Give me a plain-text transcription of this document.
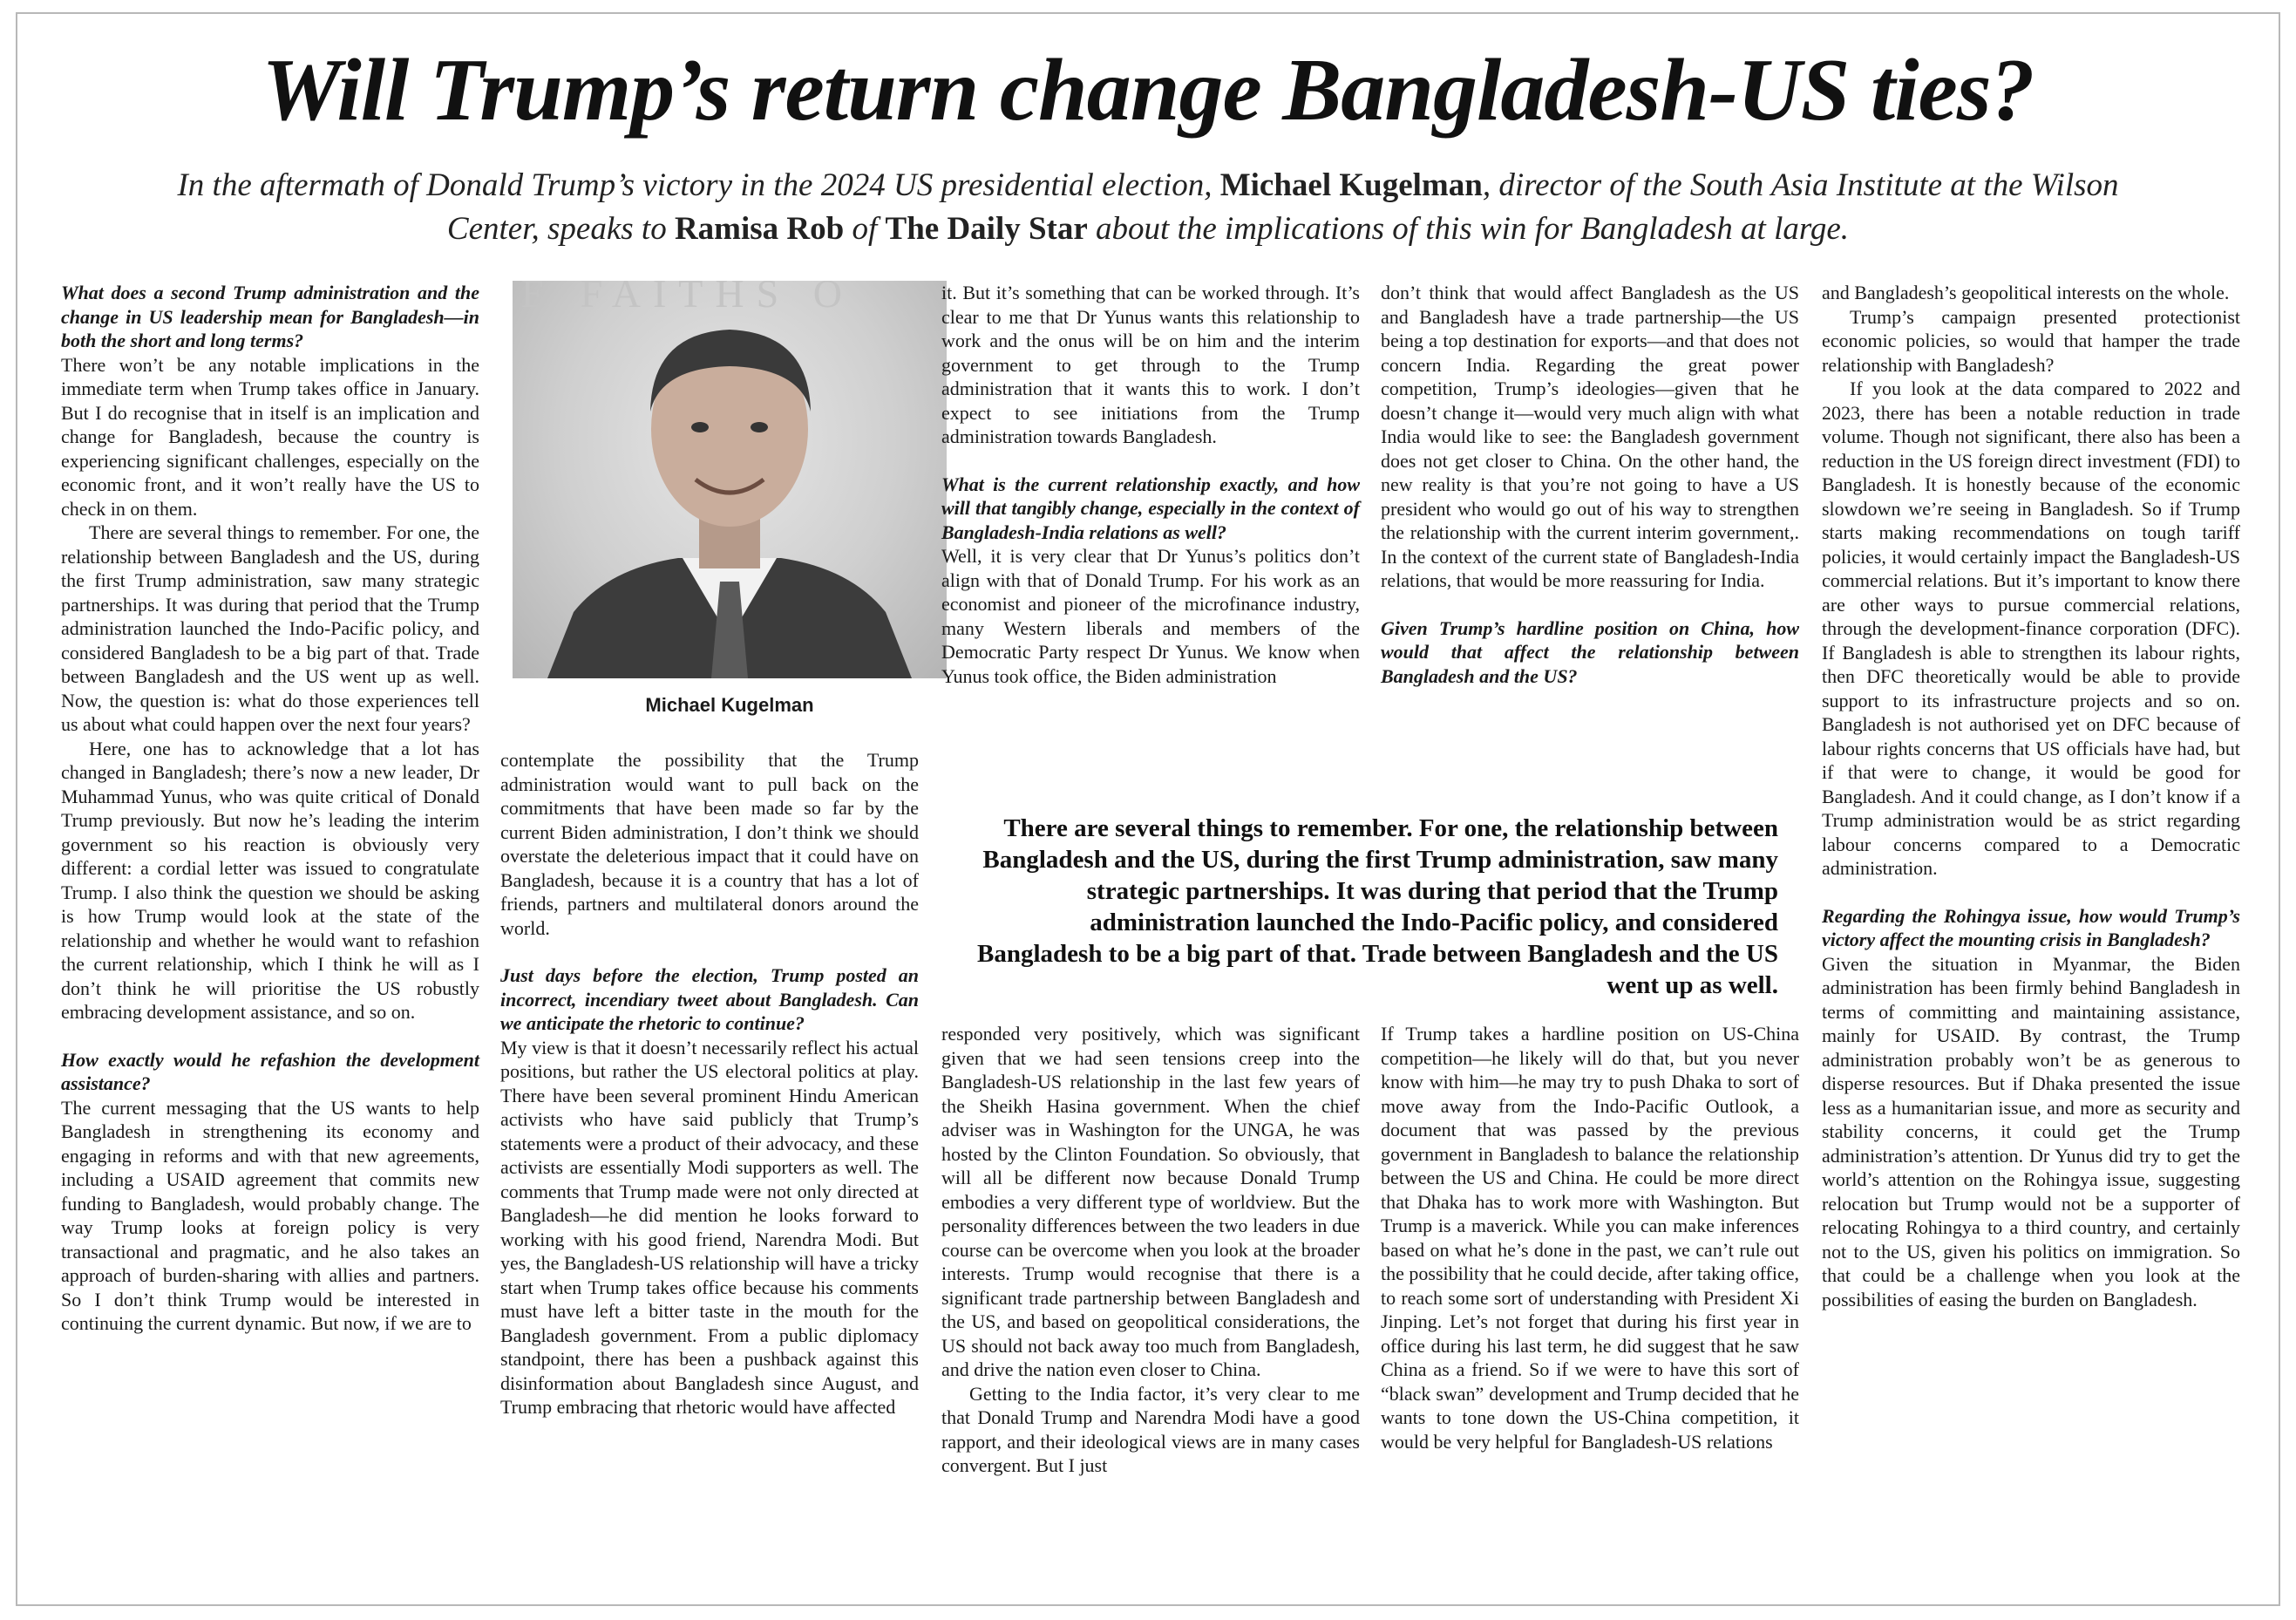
Will Trump’s return change Bangladesh-US ties?
In the aftermath of Donald Trump’s victory in the 2024 US presidential election, Michael Kugelman, director of the South Asia Institute at the Wilson Center, speaks to Ramisa Rob of The Daily Star about the implications of this win for Bangladesh at large.

What does a second Trump administration and the change in US leadership mean for Bangladesh—in both the short and long terms?

There won’t be any notable implications in the immediate term when Trump takes office in January. But I do recognise that in itself is an implication and change for Bangladesh, because the country is experiencing significant challenges, especially on the economic front, and it won’t really have the US to check in on them.

There are several things to remember. For one, the relationship between Bangladesh and the US, during the first Trump administration, saw many strategic partnerships. It was during that period that the Trump administration launched the Indo-Pacific policy, and considered Bangladesh to be a big part of that. Trade between Bangladesh and the US went up as well. Now, the question is: what do those experiences tell us about what could happen over the next four years?

Here, one has to acknowledge that a lot has changed in Bangladesh; there’s now a new leader, Dr Muhammad Yunus, who was quite critical of Donald Trump previously. But now he’s leading the interim government so his reaction is obviously very different: a cordial letter was issued to congratulate Trump. I also think the question we should be asking is how Trump would look at the state of the relationship and whether he would want to refashion the current relationship, which I think he will as I don’t think he will prioritise the US robustly embracing development assistance, and so on.

How exactly would he refashion the development assistance?

The current messaging that the US wants to help Bangladesh in strengthening its economy and engaging in reforms and with that new agreements, including a USAID agreement that commits new funding to Bangladesh, would probably change. The way Trump looks at foreign policy is very transactional and pragmatic, and he also takes an approach of burden-sharing with allies and partners. So I don’t think Trump would be interested in continuing the current dynamic. But now, if we are to

E FAITHS O
Michael Kugelman

contemplate the possibility that the Trump administration would want to pull back on the commitments that have been made so far by the current Biden administration, I don’t think we should overstate the deleterious impact that it could have on Bangladesh, because it is a country that has a lot of friends, partners and multilateral donors around the world.

Just days before the election, Trump posted an incorrect, incendiary tweet about Bangladesh. Can we anticipate the rhetoric to continue?

My view is that it doesn’t necessarily reflect his actual positions, but rather the US electoral politics at play. There have been several prominent Hindu American activists who have said publicly that Trump’s statements were a product of their advocacy, and these activists are essentially Modi supporters as well. The comments that Trump made were not only directed at Bangladesh—he did mention he looks forward to working with his good friend, Narendra Modi. But yes, the Bangladesh-US relationship will have a tricky start when Trump takes office because his comments must have left a bitter taste in the mouth for the Bangladesh government. From a public diplomacy standpoint, there has been a pushback against this disinformation about Bangladesh since August, and Trump embracing that rhetoric would have affected

it. But it’s something that can be worked through. It’s clear to me that Dr Yunus wants this relationship to work and the onus will be on him and the interim government to get through to the Trump administration that it wants this to work. I don’t expect to see initiations from the Trump administration towards Bangladesh.

What is the current relationship exactly, and how will that tangibly change, especially in the context of Bangladesh-India relations as well?

Well, it is very clear that Dr Yunus’s politics don’t align with that of Donald Trump. For his work as an economist and pioneer of the microfinance industry, many Western liberals and members of the Democratic Party respect Dr Yunus. We know when Yunus took office, the Biden administration

don’t think that would affect Bangladesh as the US and Bangladesh have a trade partnership—the US being a top destination for exports—and that does not concern India. Regarding the great power competition, Trump’s ideologies—given that he doesn’t change it—would very much align with what India would like to see: the Bangladesh government does not get closer to China. On the other hand, the new reality is that you’re not going to have a US president who would go out of his way to strengthen the relationship with the current interim government,. In the context of the current state of Bangladesh-India relations, that would be more reassuring for India.

Given Trump’s hardline position on China, how would that affect the relationship between Bangladesh and the US?

There are several things to remember. For one, the relationship between Bangladesh and the US, during the first Trump administration, saw many strategic partnerships. It was during that period that the Trump administration launched the Indo-Pacific policy, and considered Bangladesh to be a big part of that. Trade between Bangladesh and the US went up as well.

responded very positively, which was significant given that we had seen tensions creep into the Bangladesh-US relationship in the last few years of the Sheikh Hasina government. When the chief adviser was in Washington for the UNGA, he was hosted by the Clinton Foundation. So obviously, that will all be different now because Donald Trump embodies a very different type of worldview. But the personality differences between the two leaders in due course can be overcome when you look at the broader interests. Trump would recognise that there is a significant trade partnership between Bangladesh and the US, and based on geopolitical considerations, the US should not back away too much from Bangladesh, and drive the nation even closer to China.

Getting to the India factor, it’s very clear to me that Donald Trump and Narendra Modi have a good rapport, and their ideological views are in many cases convergent. But I just

If Trump takes a hardline position on US-China competition—he likely will do that, but you never know with him—he may try to push Dhaka to sort of move away from the Indo-Pacific Outlook, a document that was passed by the previous government in Bangladesh to balance the relationship between the US and China. He could be more direct that Dhaka has to work more with Washington. But Trump is a maverick. While you can make inferences based on what he’s done in the past, we can’t rule out the possibility that he could decide, after taking office, to reach some sort of understanding with President Xi Jinping. Let’s not forget that during his first year in office during his last term, he did suggest that he saw China as a friend. So if we were to have this sort of “black swan” development and Trump decided that he wants to tone down the US-China competition, it would be very helpful for Bangladesh-US relations

and Bangladesh’s geopolitical interests on the whole.

Trump’s campaign presented protectionist economic policies, so would that hamper the trade relationship with Bangladesh?

If you look at the data compared to 2022 and 2023, there has been a notable reduction in trade volume. Though not significant, there also has been a reduction in the US foreign direct investment (FDI) to Bangladesh. It is honestly because of the economic slowdown we’re seeing in Bangladesh. So if Trump starts making recommendations on tough tariff policies, it would certainly impact the Bangladesh-US commercial relations. But it’s important to know there are other ways to pursue commercial relations, through the development-finance corporation (DFC). If Bangladesh is able to strengthen its labour rights, then DFC theoretically would be able to provide support to its infrastructure projects and so on. Bangladesh is not authorised yet on DFC because of labour rights concerns that US officials have had, but if that were to change, it would be good for Bangladesh. And it could change, as I don’t know if a Trump administration would be as strict regarding labour concerns compared to a Democratic administration.

Regarding the Rohingya issue, how would Trump’s victory affect the mounting crisis in Bangladesh?

Given the situation in Myanmar, the Biden administration has been firmly behind Bangladesh in terms of committing and maintaining assistance, mainly for USAID. By contrast, the Trump administration probably won’t be as generous to disperse resources. But if Dhaka presented the issue less as a humanitarian issue, and more as security and stability concerns, it could get the Trump administration’s attention. Dr Yunus did try to get the world’s attention on the Rohingya issue, suggesting relocation but Trump would not be a supporter of relocating Rohingya to a third country, and certainly not to the US, given his politics on immigration. So that could be a challenge when you look at the possibilities of easing the burden on Bangladesh.
